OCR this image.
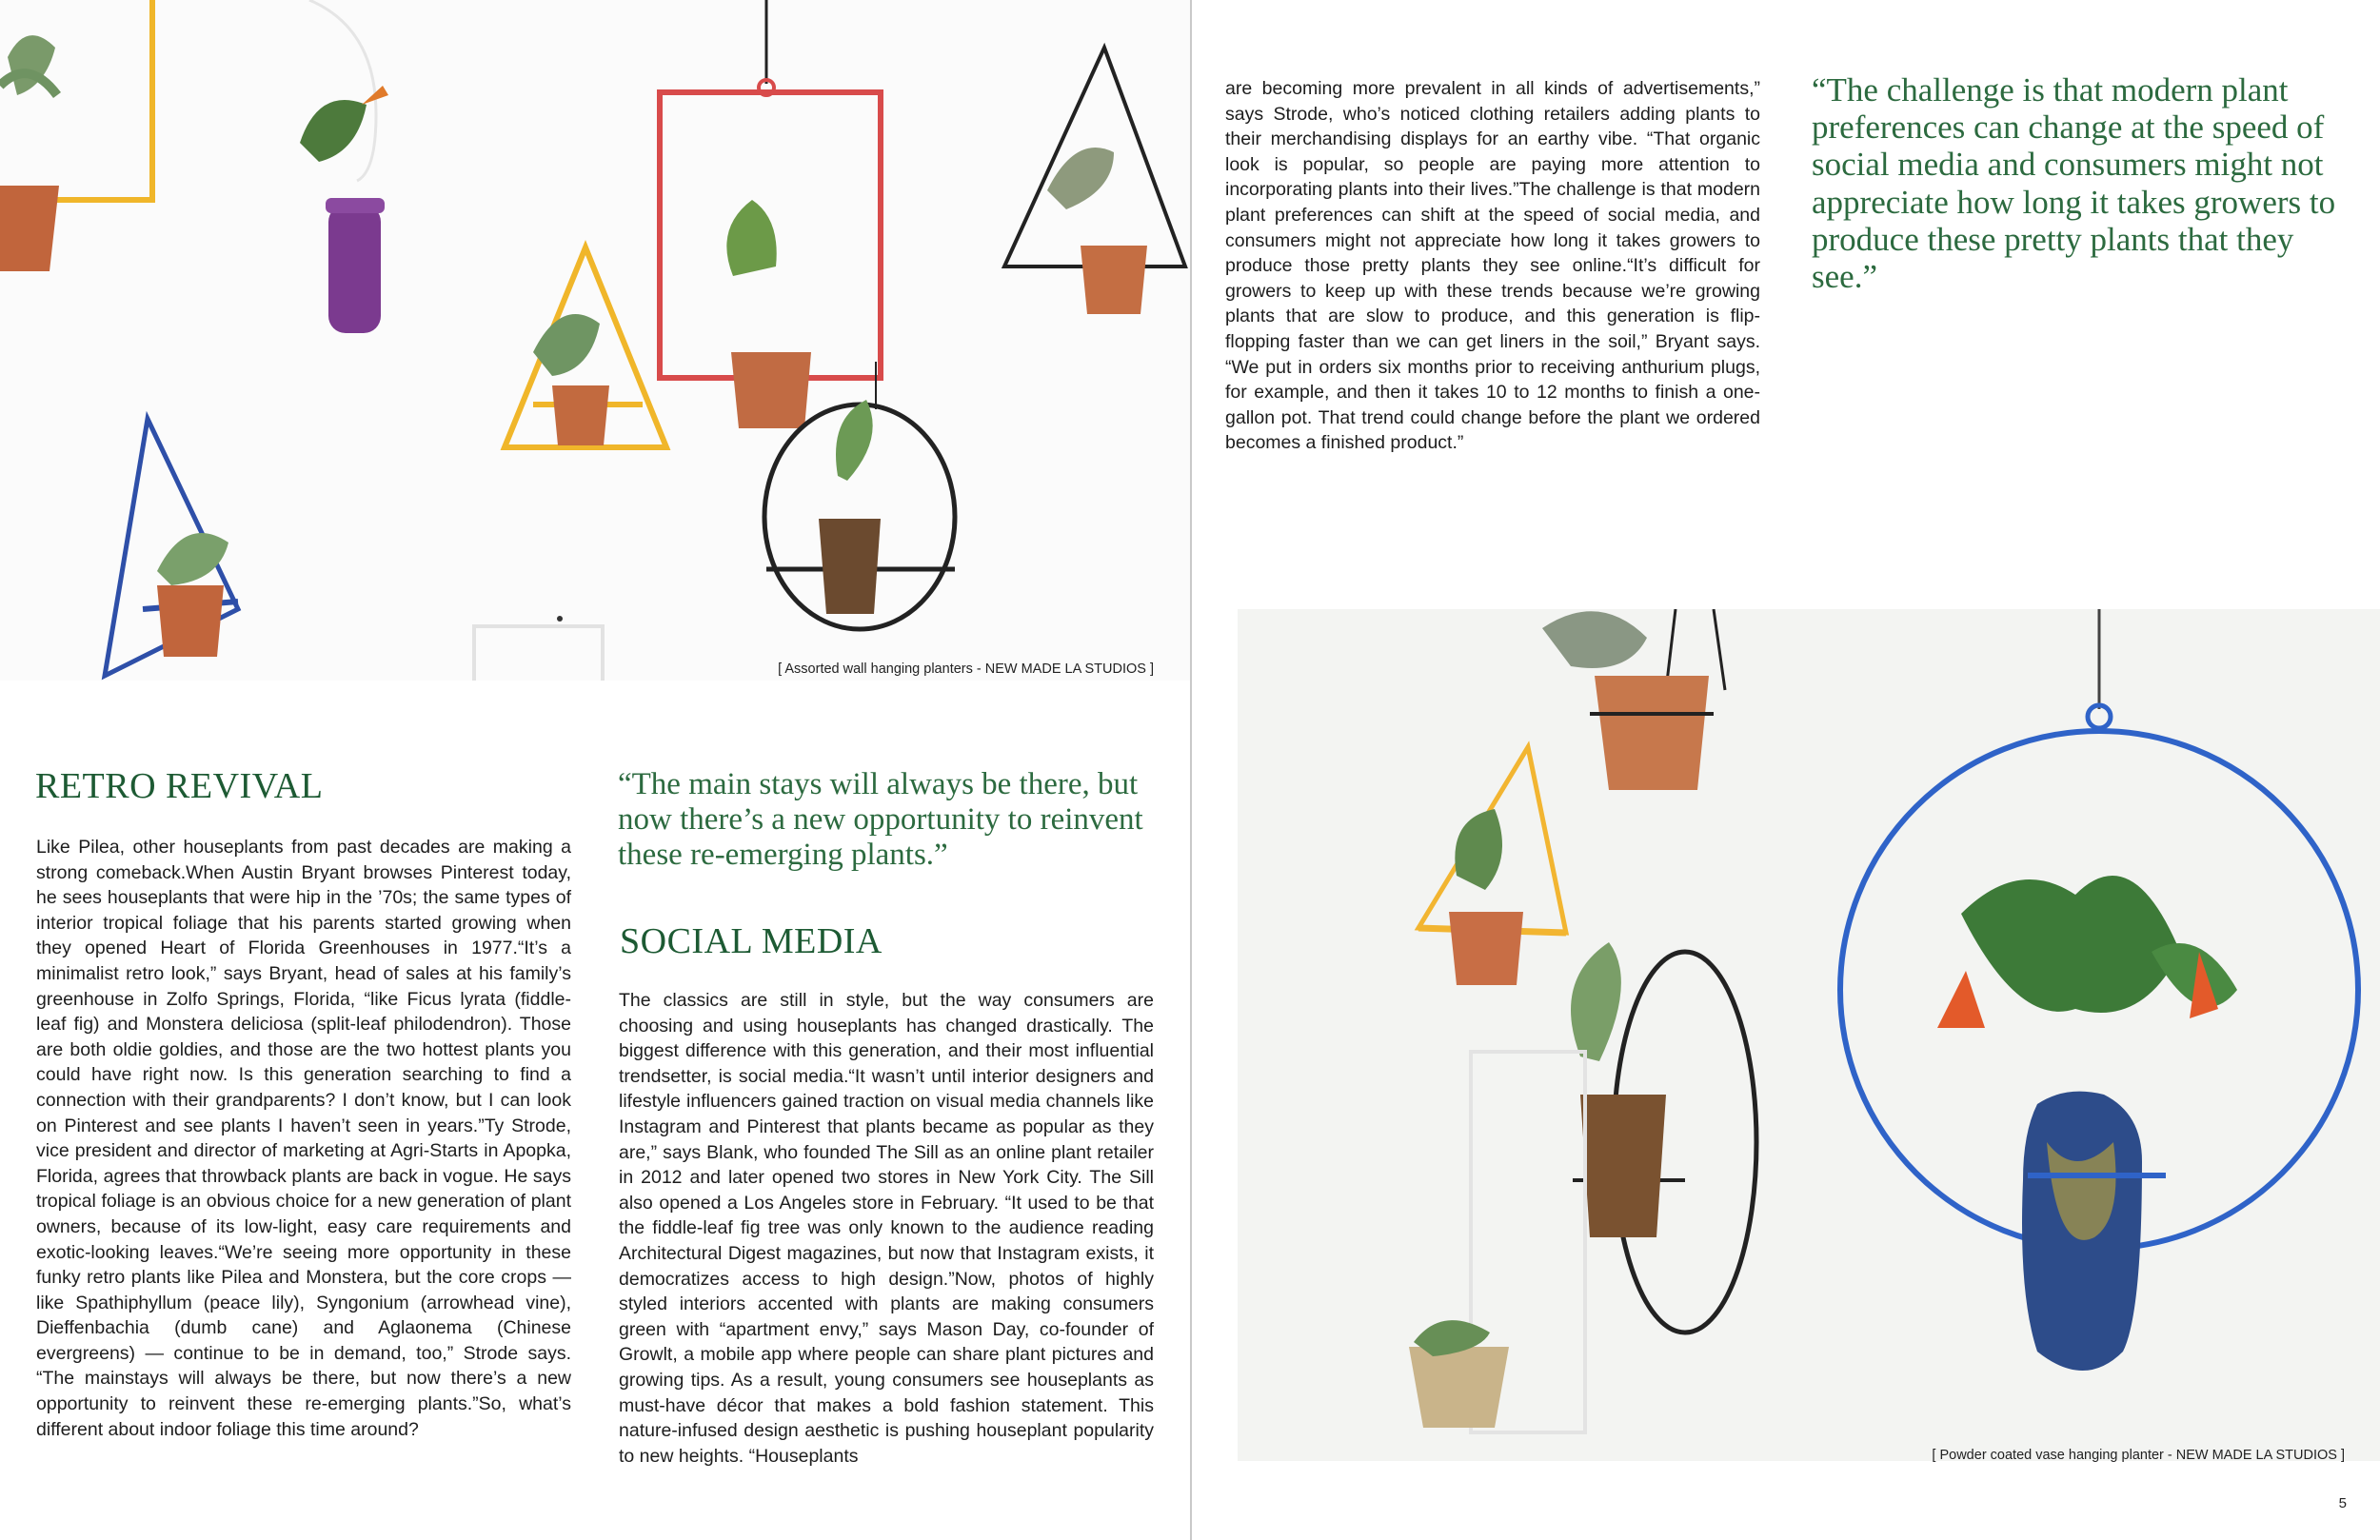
[ Assorted wall hanging planters - NEW MADE LA STUDIOS ]
RETRO REVIVAL
Like Pilea, other houseplants from past decades are making a strong comeback.When Austin Bryant browses Pinterest today, he sees houseplants that were hip in the ’70s; the same types of interior tropical foliage that his parents started growing when they opened Heart of Florida Greenhouses in 1977.“It’s a minimalist retro look,” says Bryant, head of sales at his family’s greenhouse in Zolfo Springs, Florida, “like Ficus lyrata (fiddle-leaf fig) and Monstera deliciosa (split-leaf philodendron). Those are both oldie goldies, and those are the two hottest plants you could have right now. Is this generation searching to find a connection with their grandparents? I don’t know, but I can look on Pinterest and see plants I haven’t seen in years.”Ty Strode, vice president and director of marketing at Agri-Starts in Apopka, Florida, agrees that throwback plants are back in vogue. He says tropical foliage is an obvious choice for a new generation of plant owners, because of its low-light, easy care requirements and exotic-looking leaves.“We’re seeing more opportunity in these funky retro plants like Pilea and Monstera, but the core crops — like Spathiphyllum (peace lily), Syngonium (arrowhead vine), Dieffenbachia (dumb cane) and Aglaonema (Chinese evergreens) — continue to be in demand, too,” Strode says. “The mainstays will always be there, but now there’s a new opportunity to reinvent these re-emerging plants.”So, what’s different about indoor foliage this time around?
“The main stays will always be there, but now there’s a new opportunity to reinvent these re-emerging plants.”
SOCIAL MEDIA
The classics are still in style, but the way consumers are choosing and using houseplants has changed drastically. The biggest difference with this generation, and their most influential trendsetter, is social media.“It wasn’t until interior designers and lifestyle influencers gained traction on visual media channels like Instagram and Pinterest that plants became as popular as they are,” says Blank, who founded The Sill as an online plant retailer in 2012 and later opened two stores in New York City. The Sill also opened a Los Angeles store in February. “It used to be that the fiddle-leaf fig tree was only known to the audience reading Architectural Digest magazines, but now that Instagram exists, it democratizes access to high design.”Now, photos of highly styled interiors accented with plants are making consumers green with “apartment envy,” says Mason Day, co-founder of Growlt, a mobile app where people can share plant pictures and growing tips. As a result, young consumers see houseplants as must-have décor that makes a bold fashion statement. This nature-infused design aesthetic is pushing houseplant popularity to new heights. “Houseplants
are becoming more prevalent in all kinds of advertisements,” says Strode, who’s noticed clothing retailers adding plants to their merchandising displays for an earthy vibe. “That organic look is popular, so people are paying more attention to incorporating plants into their lives.”The challenge is that modern plant preferences can shift at the speed of social media, and consumers might not appreciate how long it takes growers to produce those pretty plants they see online.“It’s difficult for growers to keep up with these trends because we’re growing plants that are slow to produce, and this generation is flip-flopping faster than we can get liners in the soil,” Bryant says. “We put in orders six months prior to receiving anthurium plugs, for example, and then it takes 10 to 12 months to finish a one-gallon pot. That trend could change before the plant we ordered becomes a finished product.”
“The challenge is that modern plant preferences can change at the speed of social media and consumers might not appreciate how long it takes growers to produce these pretty plants that they see.”
[ Powder coated vase hanging planter - NEW MADE LA STUDIOS ]
5
